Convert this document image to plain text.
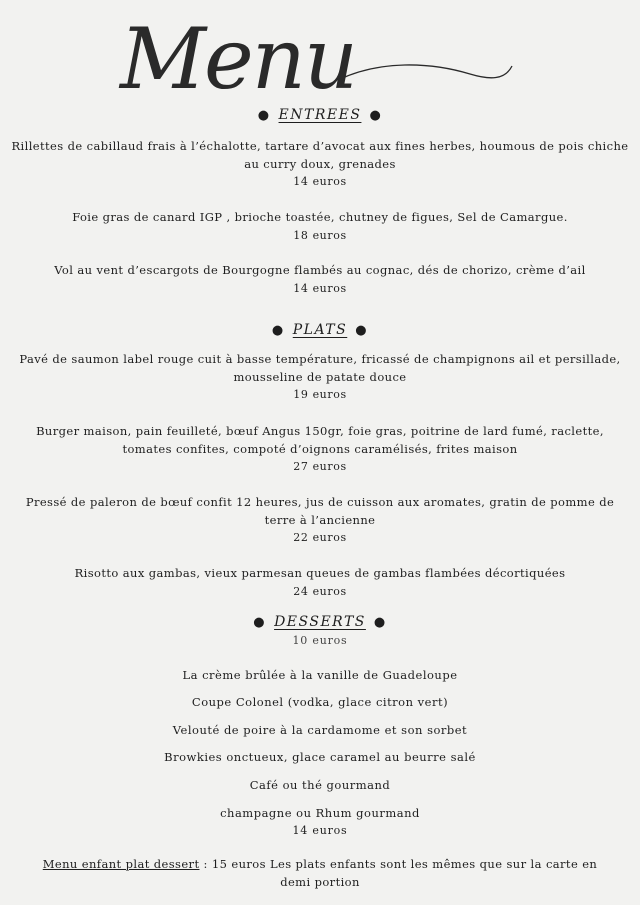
Menu
● ENTREES ●
Rillettes de cabillaud frais à l’échalotte, tartare d’avocat aux fines herbes, houmous de pois chiche au curry doux, grenades
14 euros
Foie gras de canard IGP , brioche toastée, chutney de figues, Sel de Camargue.
18 euros
Vol au vent d’escargots de Bourgogne flambés au cognac, dés de chorizo, crème d’ail
14 euros
● PLATS ●
Pavé de saumon label rouge cuit à basse température, fricassé de champignons ail et persillade, mousseline de patate douce
19 euros
Burger maison, pain feuilleté, bœuf Angus 150gr, foie gras, poitrine de lard fumé, raclette, tomates confites, compoté d’oignons caramélisés, frites maison
27 euros
Pressé de paleron de bœuf confit 12 heures, jus de cuisson aux aromates, gratin de pomme de terre à l’ancienne
22 euros
Risotto aux gambas, vieux parmesan queues de gambas flambées décortiquées
24 euros
● DESSERTS ●
10 euros
La crème brûlée à la vanille de Guadeloupe
Coupe Colonel (vodka, glace citron vert)
Velouté de poire à la cardamome et son sorbet
Browkies onctueux, glace caramel au beurre salé
Café ou thé gourmand
champagne ou Rhum gourmand
14 euros
Menu enfant plat dessert : 15 euros Les plats enfants sont les mêmes que sur la carte en demi portion
